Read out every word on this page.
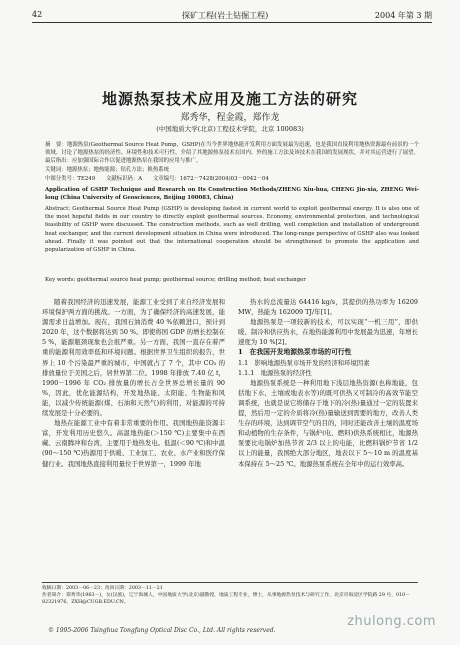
42	探矿工程(岩土钻掘工程)	2004 年第 3 期
地源热泵技术应用及施工方法的研究
郑秀华，程金霞，郑作龙
(中国地质大学(北京)工程技术学院，北京 100083)
摘　要：地源热泵(Geothermal Source Heat Pump，GSHP)在当今世界地热能开发利用方面发展最为迅速，也是我国直接利用地热资源最有前景的一个领域。讨论了地源热泵的经济性、环境性和技术可行性，介绍了其地源热泵技术在国内、外的施工方法及该技术在我国的发展现状，并对其运营进行了展望。最后指出：应加强国际合作以促进地源热泵在我国的应用与推广。
关键词：地源热泵；地热能源；钻孔方法；换热系统
中图分类号：TE249　　文献标识码：A　　文章编号：1672－7428(2004)03－0042－04
Application of GSHP Technique and Research on Its Construction Methods/ZHENG Xiu-hua, CHENG Jin-xia, ZHENG Wei-long (China University of Geosciences, Beijing 100083, China)
Abstract: Geothermal Source Heat Pump (GSHP) is developing fastest in current world to exploit geothermal energy. It is also one of the most hopeful fields in our country to directly exploit geothermal sources. Economy, environmental protection, and technological feasibility of GSHP were discussed. The construction methods, such as well drilling, well completion and installation of underground heat exchanger, and the current development situation in China were introduced. The long-range perspective of GSHP also was looked ahead. Finally it was pointed out that the international cooperation should be strengthened to promote the application and popularization of GSHP in China.
Key words: geothermal source heat pump; geothermal source; drilling method; heat exchanger

随着我国经济的迅速发展，能源工业受到了来自经济发展和环境保护两方面的挑战。一方面，为了确保经济的高速发展，能源需求日益增加。现在，我国石油消费 40 %依赖进口，预计到 2020 年，这个数据将达到 50 %。即使将国 GDP 的增长控制在 5 %，能源瓶颈现象也会很严重。另一方面，我国一直存在着严重的能源利用效率低和环境问题。根据世界卫生组织的报告，世界上 10 个污染最严重的城市，中国就占了 7 个，其中 CO₂ 的排放量位于美国之后，居世界第二位。1998 年排放 7.40 亿 t，1990－1996 年 CO₂ 排放量的增长占全世界总增长量的 90 %，因此，优化能源结构，开发地热能、太阳能、生物能和风能，以减少传统能源(煤、石油和天然气)的利用，对能源的可持续发展是十分必要的。

地热在能源工业中有着非常重要的作用。我国地热能资源丰富，开发利用历史悠久。高温地热能(＞150 ℃)主要集中在西藏、云南腾冲和台湾，主要用于地热发电。低温(＜90 ℃)和中温(90～150 ℃)热源用于供暖、工业加工、农业、水产业和医疗保健行业。我国地热直接利用量位于世界第一，1999 年地

热水的总流量达 64416 kg/s，其提供的热功率为 16209 MW，热能为 162009 TJ/年[1]。

地源热泵是一项较新的技术，可以实现“一机三用”，即供暖、制冷和供应热水，在地热能源利用中发展最为迅速，年增长速度为 10 %[2]。

1　在我国开发地源热泵市场的可行性

1.1　影响地源热泵市场开发的经济和环境因素

1.1.1　地源热泵的经济性

地源热泵系统是一种利用地下浅层地热资源(也称地能，包括地下水、土壤或地表水等)的既可供热又可制冷的高效节能空调系统，也就是说它将储存于地下的冷(热)量通过一定的装置来提，然后用一定的介质将冷(热)量输送到需要的地方，改善人类生存的环境，达到调节空气的目的，同时还能改善土壤的温度场和动植物的生存条件，与锅炉(电、燃料)供热系统相比，地源热泵要比电锅炉加热节省 2/3 以上的电能，比燃料锅炉节省 1/2 以上的能量，我国绝大部分地区，地表以下 5～10 m 的温度基本保持在 5～25 ℃。地源热泵系统在全年中的运行效率高。

收稿日期：2003－06－23；改回日期：2003－11－21
作者简介：郑秀华(1963－)，女(汉族)，辽宁海城人，中国地质大学(北京)副教授，地质工程专业，博士，从事地源热泵技术与研究工作，北京市海淀区学院路 29 号，010－82321976，ZXH@CUGB.EDU.CN。
zhulong.com
© 1995-2006 Tsinghua Tongfang Optical Disc Co., Ltd. All rights reserved.
